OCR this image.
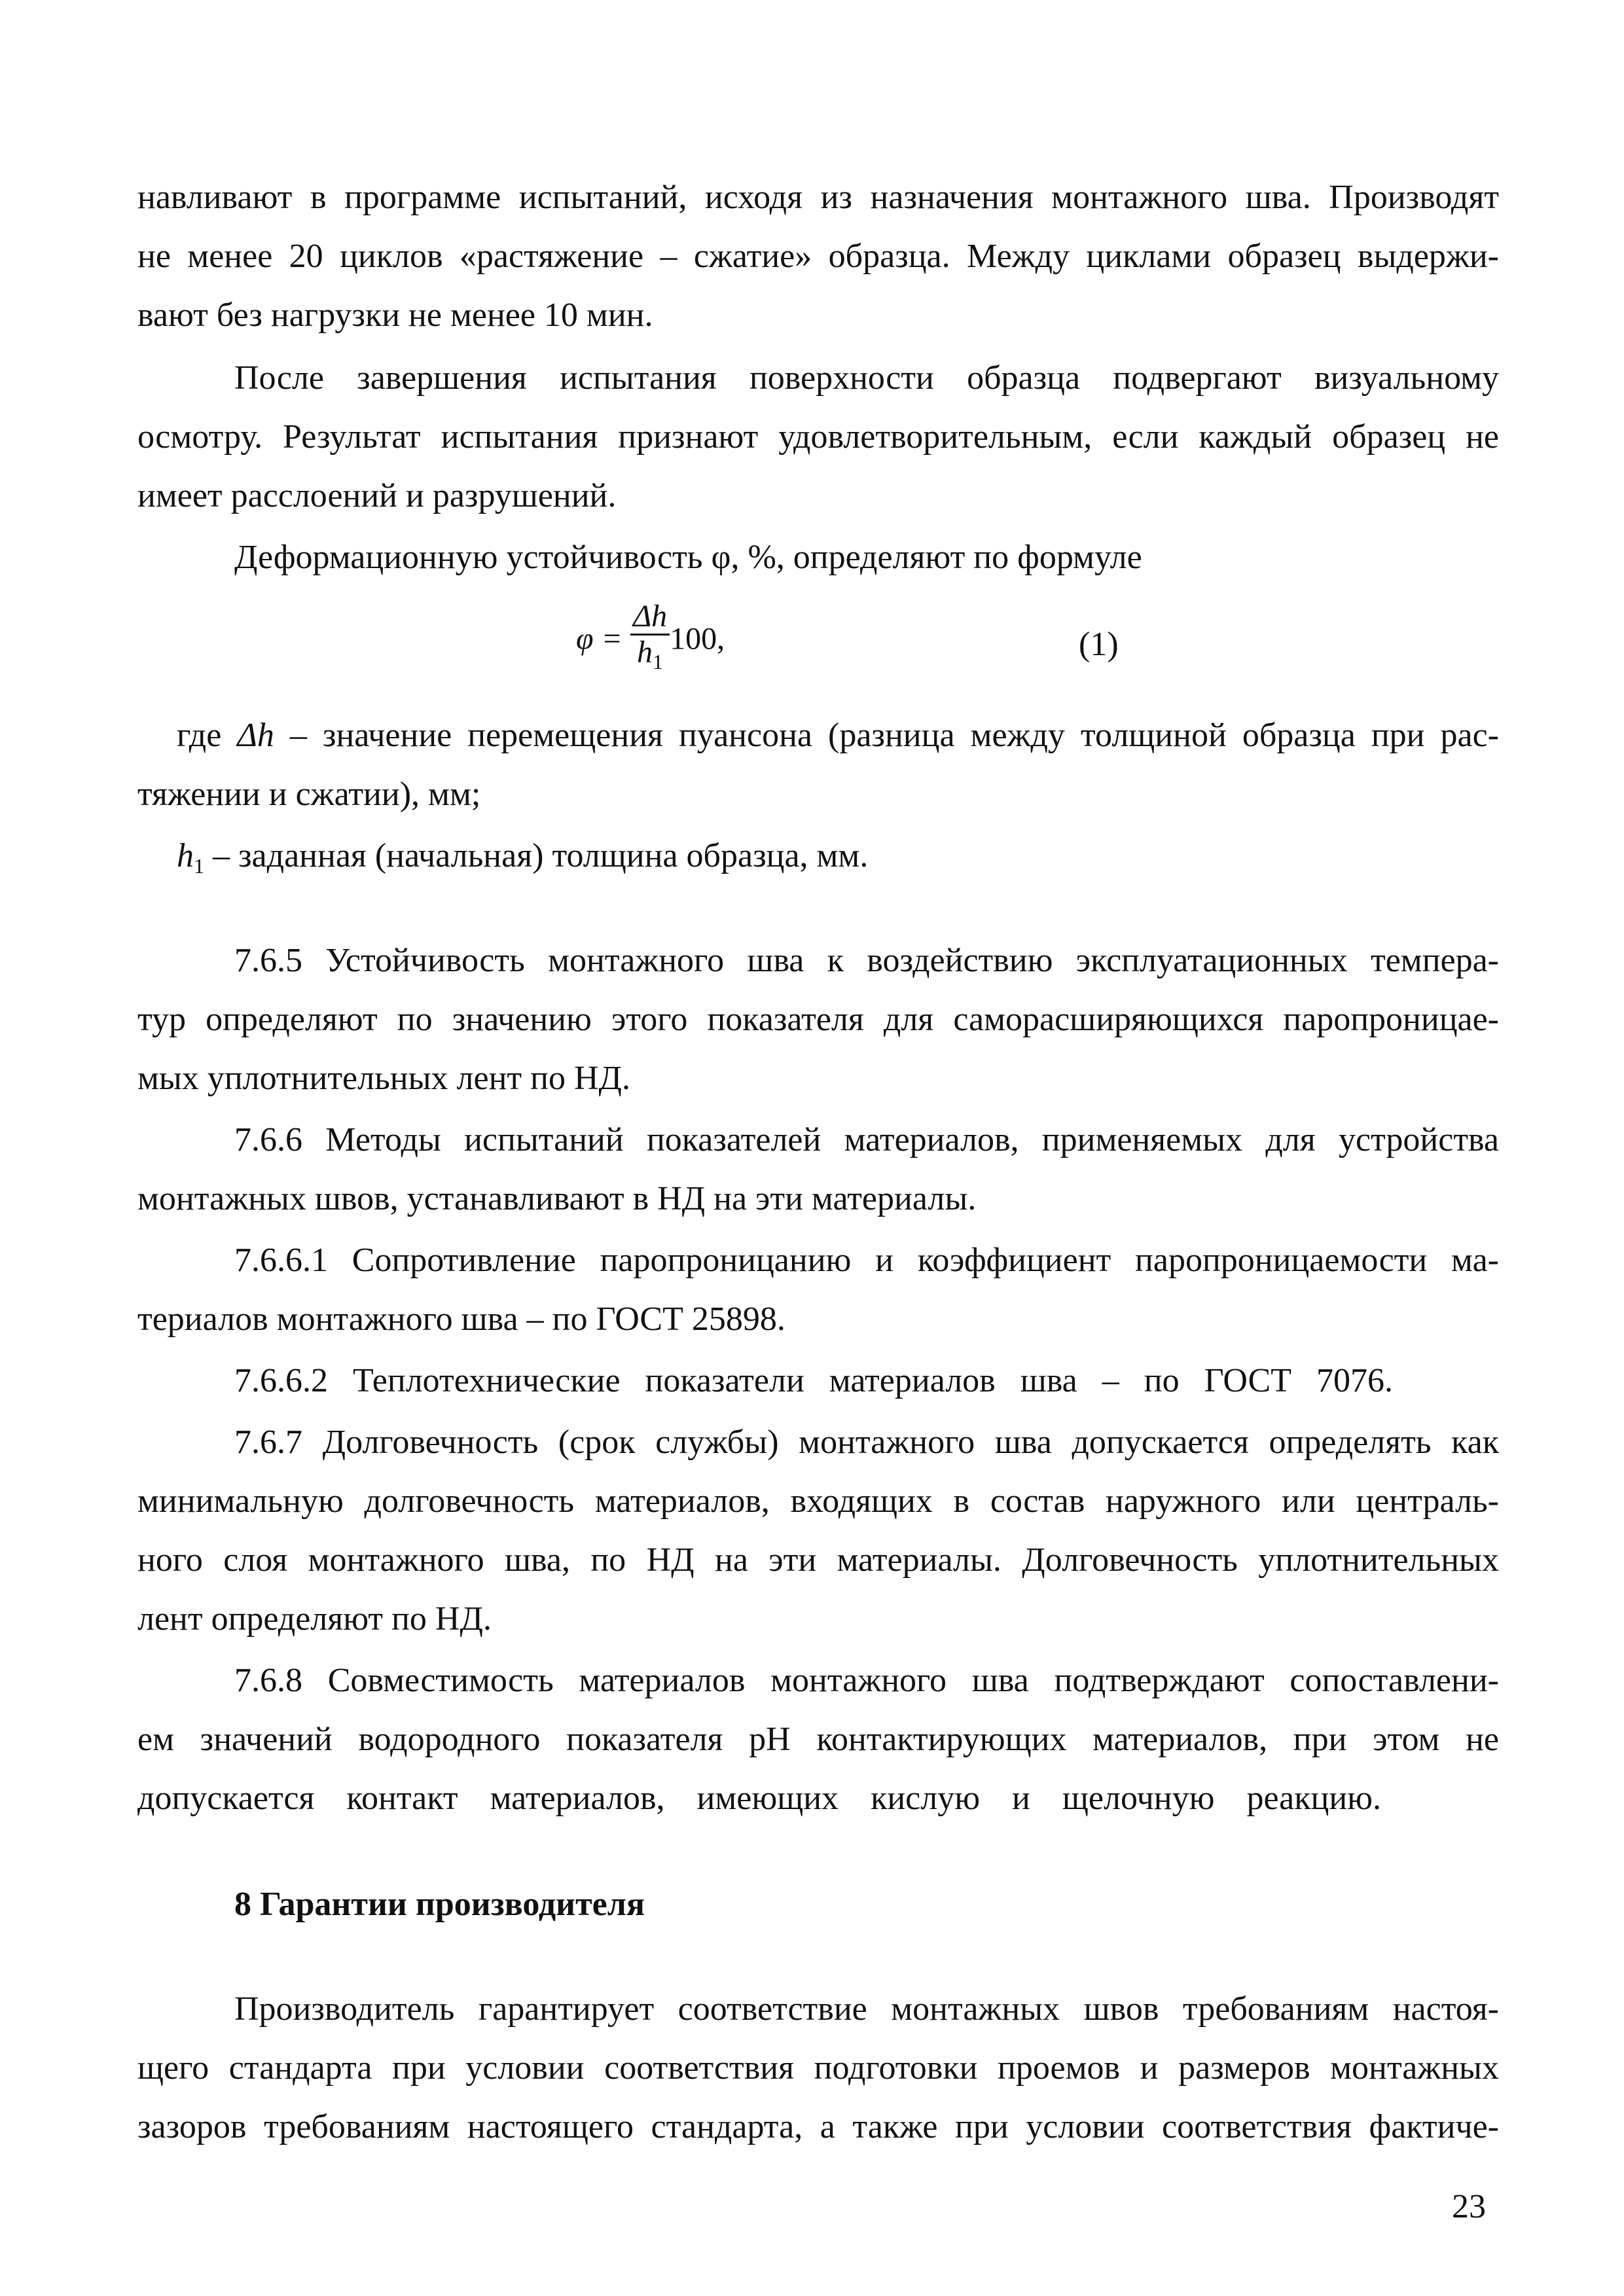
навливают в программе испытаний, исходя из назначения монтажного шва. Производят
не менее 20 циклов «растяжение – сжатие» образца. Между циклами образец выдержи-
вают без нагрузки не менее 10 мин.
После завершения испытания поверхности образца подвергают визуальному
осмотру. Результат испытания признают удовлетворительным, если каждый образец не
имеет расслоений и разрушений.
Деформационную устойчивость φ, %, определяют по формуле
$\varphi = \frac{\Delta h}{h_1} 100$,	(1)
где Δh – значение перемещения пуансона (разница между толщиной образца при рас-
тяжении и сжатии), мм;
$h_1$ – заданная (начальная) толщина образца, мм.
7.6.5 Устойчивость монтажного шва к воздействию эксплуатационных темпера-
тур определяют по значению этого показателя для саморасширяющихся паропроницае-
мых уплотнительных лент по НД.
7.6.6 Методы испытаний показателей материалов, применяемых для устройства
монтажных швов, устанавливают в НД на эти материалы.
7.6.6.1 Сопротивление паропроницанию и коэффициент паропроницаемости ма-
териалов монтажного шва – по ГОСТ 25898.
7.6.6.2 Теплотехнические показатели материалов шва – по ГОСТ 7076.
7.6.7 Долговечность (срок службы) монтажного шва допускается определять как
минимальную долговечность материалов, входящих в состав наружного или централь-
ного слоя монтажного шва, по НД на эти материалы. Долговечность уплотнительных
лент определяют по НД.
7.6.8 Совместимость материалов монтажного шва подтверждают сопоставлени-
ем значений водородного показателя рН контактирующих материалов, при этом не
допускается контакт материалов, имеющих кислую и щелочную реакцию.
8 Гарантии производителя
Производитель гарантирует соответствие монтажных швов требованиям настоя-
щего стандарта при условии соответствия подготовки проемов и размеров монтажных
зазоров требованиям настоящего стандарта, а также при условии соответствия фактиче-
23
